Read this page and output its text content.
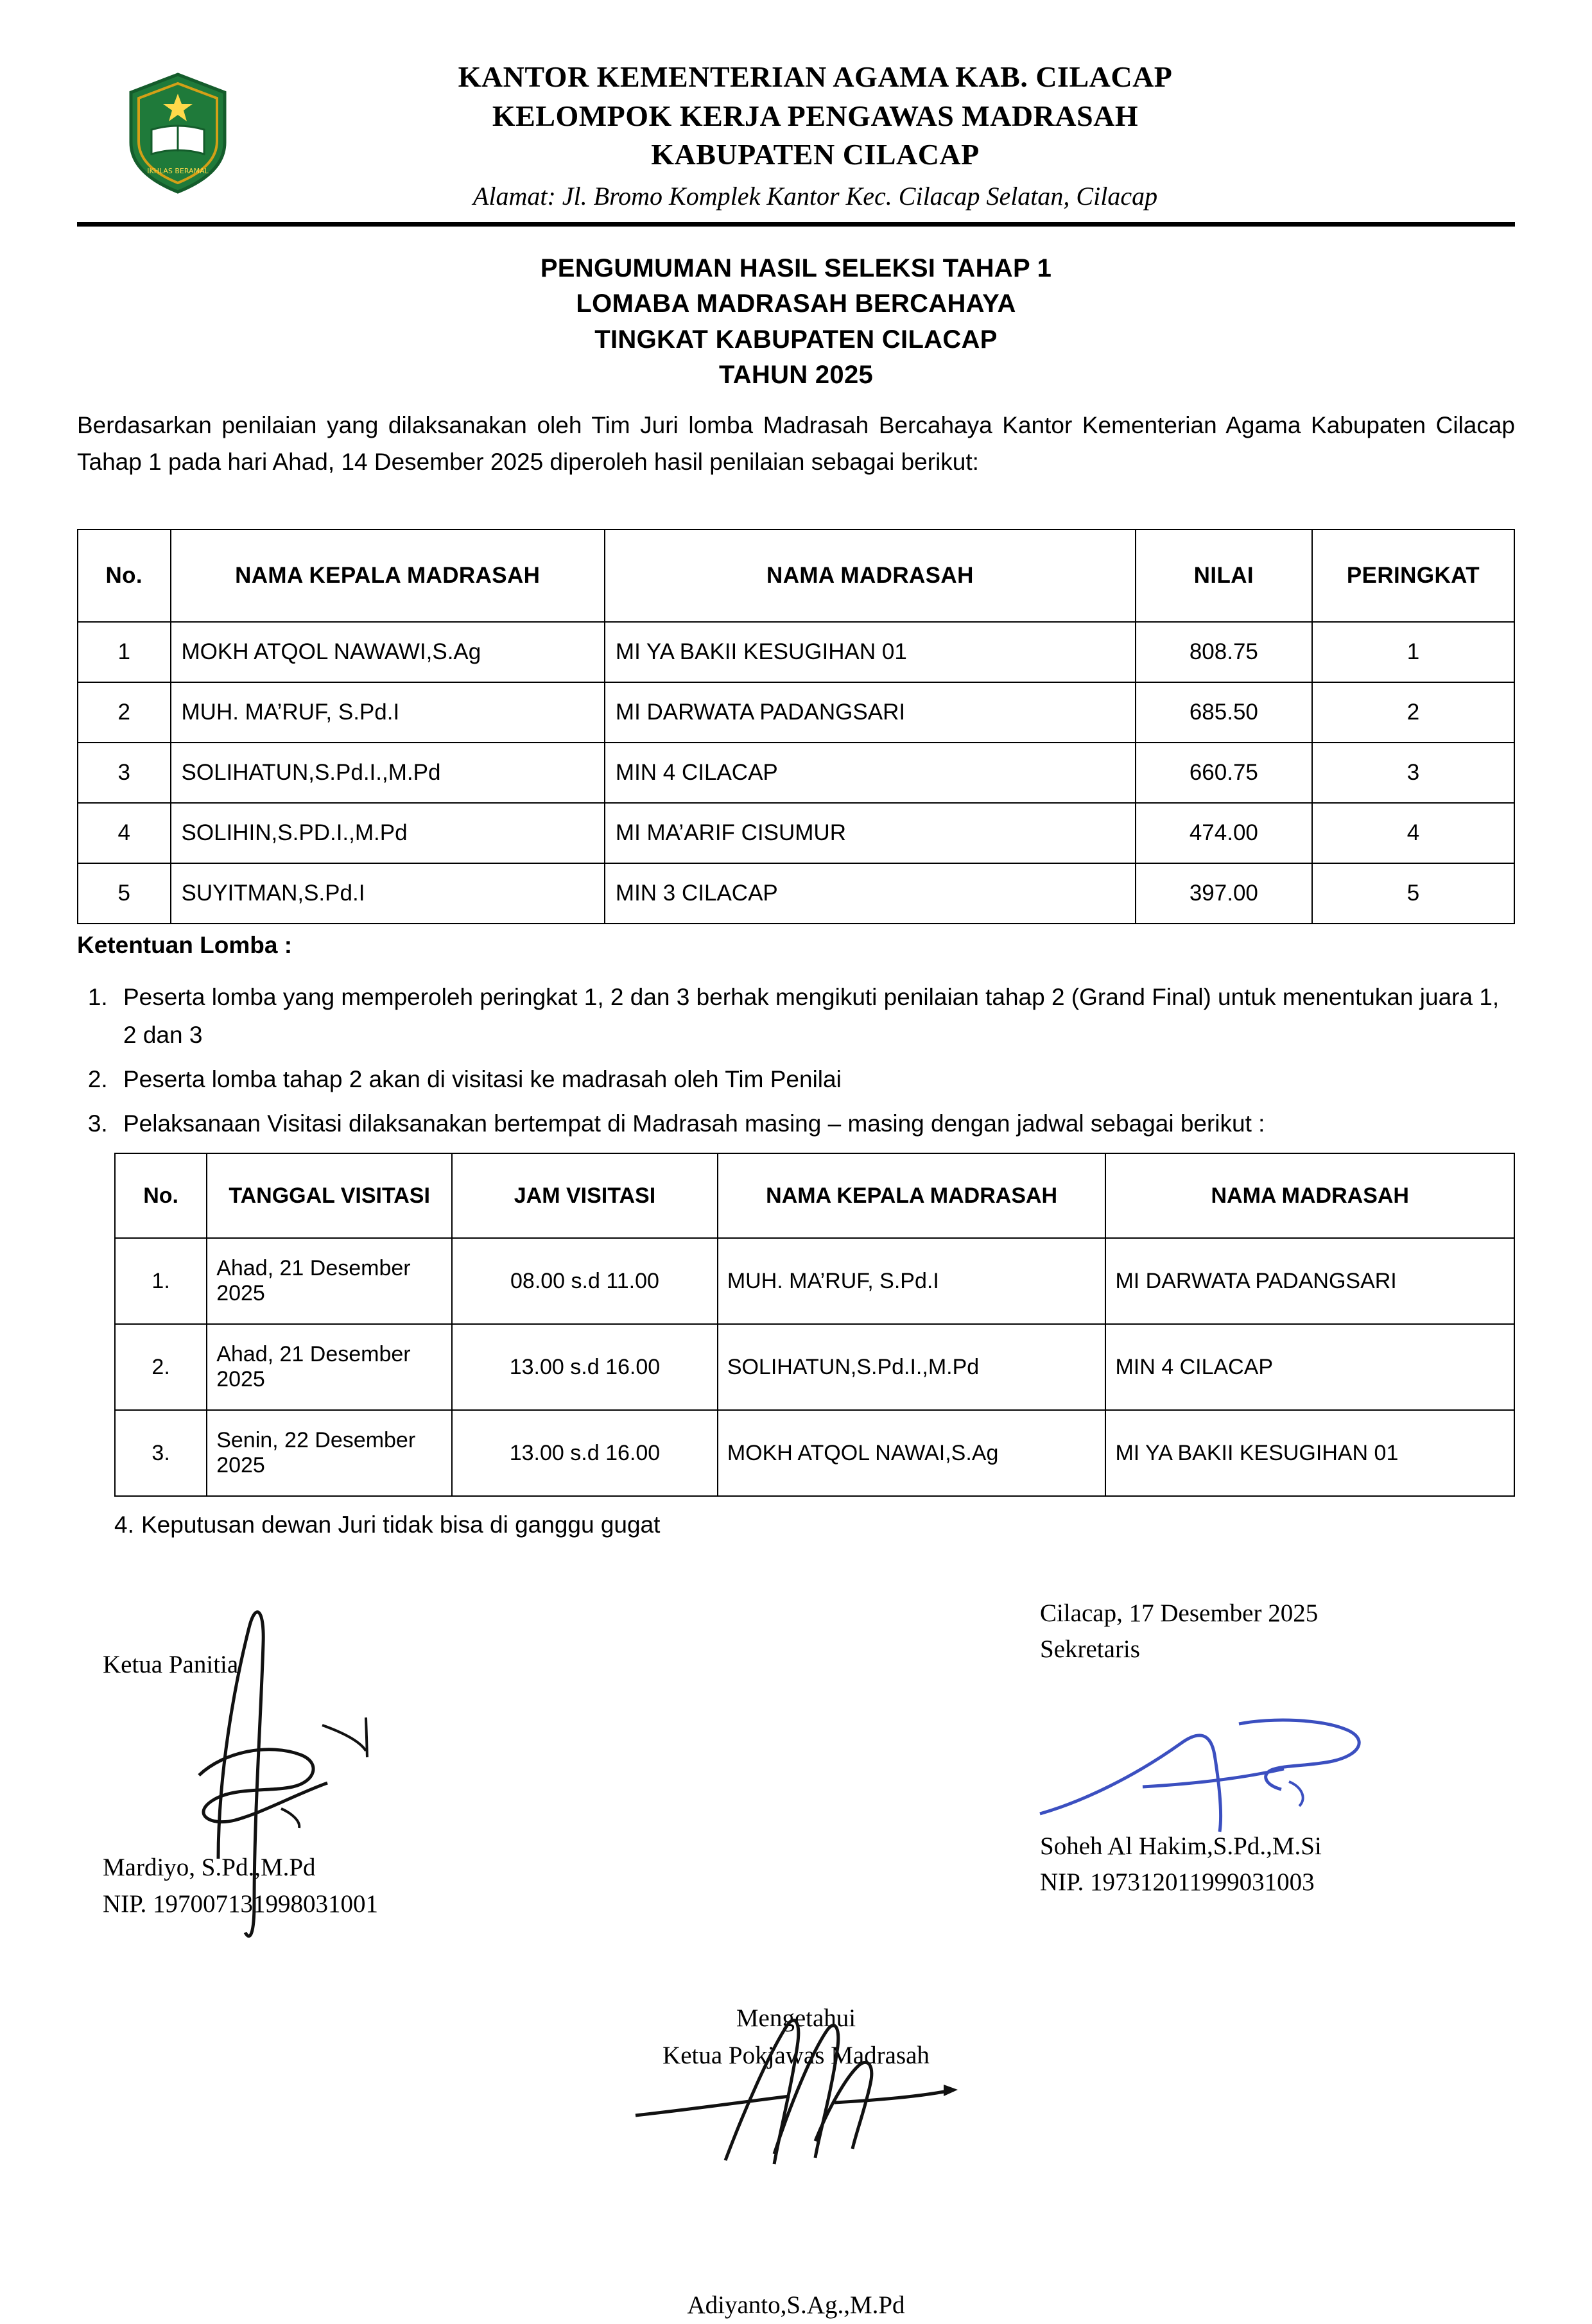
IKHLAS BERAMAL
KANTOR KEMENTERIAN AGAMA KAB. CILACAP
KELOMPOK KERJA PENGAWAS MADRASAH
KABUPATEN CILACAP
Alamat: Jl. Bromo Komplek Kantor Kec. Cilacap Selatan, Cilacap
PENGUMUMAN HASIL SELEKSI TAHAP 1
LOMABA MADRASAH BERCAHAYA
TINGKAT KABUPATEN CILACAP
TAHUN 2025
Berdasarkan penilaian yang dilaksanakan oleh Tim Juri lomba Madrasah Bercahaya Kantor Kementerian Agama Kabupaten Cilacap Tahap 1 pada hari Ahad, 14 Desember 2025 diperoleh hasil penilaian sebagai berikut:
No.	NAMA KEPALA MADRASAH	NAMA MADRASAH	NILAI	PERINGKAT
1	MOKH ATQOL NAWAWI,S.Ag	MI YA BAKII KESUGIHAN 01	808.75	1
2	MUH. MA’RUF, S.Pd.I	MI DARWATA PADANGSARI	685.50	2
3	SOLIHATUN,S.Pd.I.,M.Pd	MIN 4 CILACAP	660.75	3
4	SOLIHIN,S.PD.I.,M.Pd	MI MA’ARIF CISUMUR	474.00	4
5	SUYITMAN,S.Pd.I	MIN 3 CILACAP	397.00	5
Ketentuan Lomba :
1. Peserta lomba yang memperoleh peringkat 1, 2 dan 3 berhak mengikuti penilaian tahap 2 (Grand Final) untuk menentukan juara 1, 2 dan 3
2. Peserta lomba tahap 2 akan di visitasi ke madrasah oleh Tim Penilai
3. Pelaksanaan Visitasi dilaksanakan bertempat di Madrasah masing – masing dengan jadwal sebagai berikut :
No.	TANGGAL VISITASI	JAM VISITASI	NAMA KEPALA MADRASAH	NAMA MADRASAH
1.	Ahad, 21 Desember 2025	08.00 s.d 11.00	MUH. MA’RUF, S.Pd.I	MI DARWATA PADANGSARI
2.	Ahad, 21 Desember 2025	13.00 s.d 16.00	SOLIHATUN,S.Pd.I.,M.Pd	MIN 4 CILACAP
3.	Senin, 22 Desember 2025	13.00 s.d 16.00	MOKH ATQOL NAWAI,S.Ag	MI YA BAKII KESUGIHAN 01
4. Keputusan dewan Juri tidak bisa di ganggu gugat
Ketua Panitia
Mardiyo, S.Pd.,M.Pd
NIP. 197007131998031001
Cilacap, 17 Desember 2025
Sekretaris
Soheh Al Hakim,S.Pd.,M.Si
NIP. 197312011999031003
Mengetahui
Ketua Pokjawas Madrasah
Adiyanto,S.Ag.,M.Pd
